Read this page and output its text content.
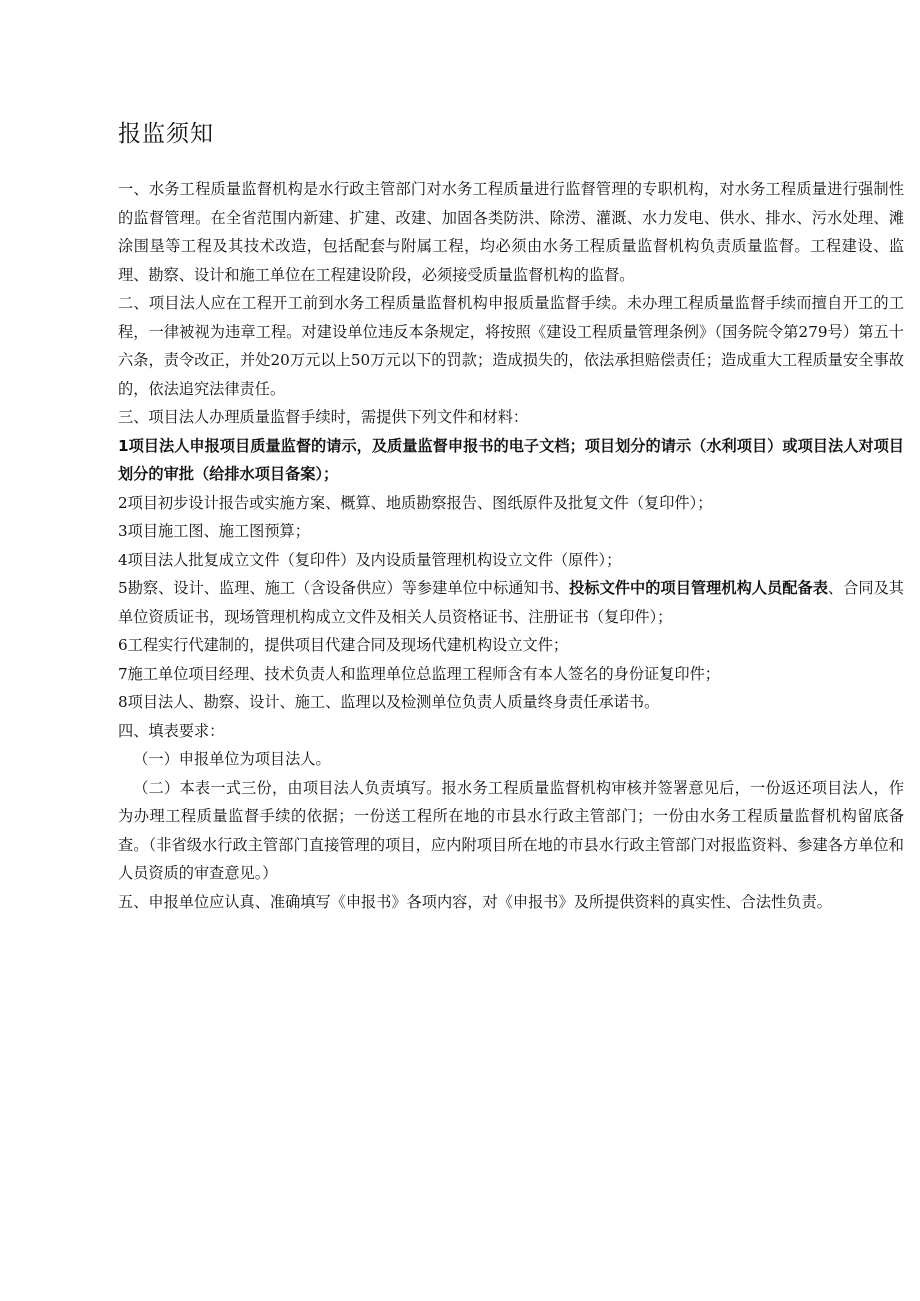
报监须知

一、水务工程质量监督机构是水行政主管部门对水务工程质量进行监督管理的专职机构，对水务工程质量进行强制性的监督管理。在全省范围内新建、扩建、改建、加固各类防洪、除涝、灌溉、水力发电、供水、排水、污水处理、滩涂围垦等工程及其技术改造，包括配套与附属工程，均必须由水务工程质量监督机构负责质量监督。工程建设、监理、勘察、设计和施工单位在工程建设阶段，必须接受质量监督机构的监督。

二、项目法人应在工程开工前到水务工程质量监督机构申报质量监督手续。未办理工程质量监督手续而擅自开工的工程，一律被视为违章工程。对建设单位违反本条规定，将按照《建设工程质量管理条例》（国务院令第279号）第五十六条，责令改正，并处20万元以上50万元以下的罚款；造成损失的，依法承担赔偿责任；造成重大工程质量安全事故的，依法追究法律责任。

三、项目法人办理质量监督手续时，需提供下列文件和材料：

1项目法人申报项目质量监督的请示，及质量监督申报书的电子文档；项目划分的请示（水利项目）或项目法人对项目划分的审批（给排水项目备案）；

2项目初步设计报告或实施方案、概算、地质勘察报告、图纸原件及批复文件（复印件）；

3项目施工图、施工图预算；

4项目法人批复成立文件（复印件）及内设质量管理机构设立文件（原件）；

5勘察、设计、监理、施工（含设备供应）等参建单位中标通知书、投标文件中的项目管理机构人员配备表、合同及其单位资质证书，现场管理机构成立文件及相关人员资格证书、注册证书（复印件）；

6工程实行代建制的，提供项目代建合同及现场代建机构设立文件；

7施工单位项目经理、技术负责人和监理单位总监理工程师含有本人签名的身份证复印件；

8项目法人、勘察、设计、施工、监理以及检测单位负责人质量终身责任承诺书。

四、填表要求：

（一）申报单位为项目法人。

（二）本表一式三份，由项目法人负责填写。报水务工程质量监督机构审核并签署意见后，一份返还项目法人，作为办理工程质量监督手续的依据；一份送工程所在地的市县水行政主管部门；一份由水务工程质量监督机构留底备查。（非省级水行政主管部门直接管理的项目，应内附项目所在地的市县水行政主管部门对报监资料、参建各方单位和人员资质的审查意见。）

五、申报单位应认真、准确填写《申报书》各项内容，对《申报书》及所提供资料的真实性、合法性负责。
